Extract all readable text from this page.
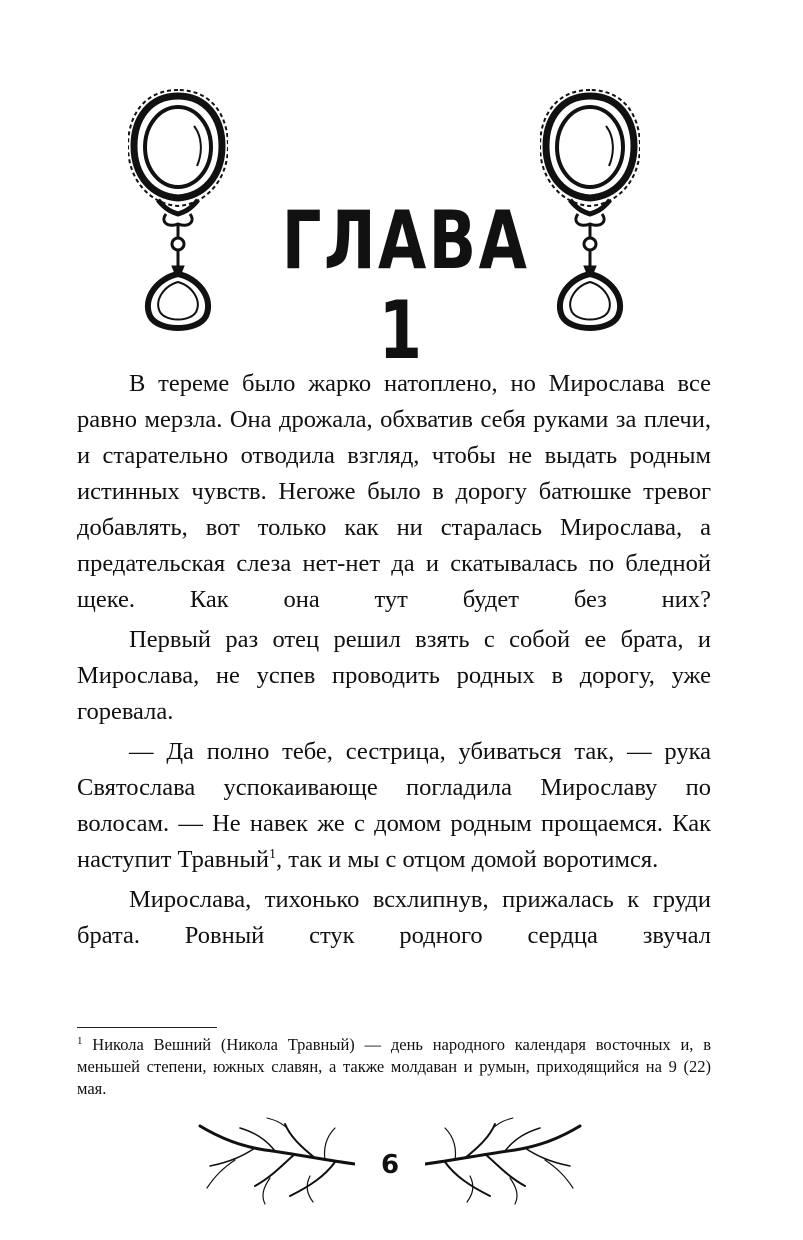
ГЛАВА 1

В тереме было жарко натоплено, но Мирослава все равно мерзла. Она дрожала, обхватив себя руками за плечи, и старательно отводила взгляд, чтобы не выдать родным истинных чувств. Негоже было в дорогу батюшке тревог добавлять, вот только как ни старалась Мирослава, а предательская слеза нет-нет да и скатывалась по бледной щеке. Как она тут будет без них?

Первый раз отец решил взять с собой ее брата, и Мирослава, не успев проводить родных в дорогу, уже горевала.

— Да полно тебе, сестрица, убиваться так, — рука Святослава успокаивающе погладила Мирославу по волосам. — Не навек же с домом родным прощаемся. Как наступит Травный$^1$, так и мы с отцом домой воротимся.

Мирослава, тихонько всхлипнув, прижалась к груди брата. Ровный стук родного сердца звучал

$^1$ Никола Вешний (Никола Травный) — день народного календаря восточных и, в меньшей степени, южных славян, а также молдаван и румын, приходящийся на 9 (22) мая.
6
